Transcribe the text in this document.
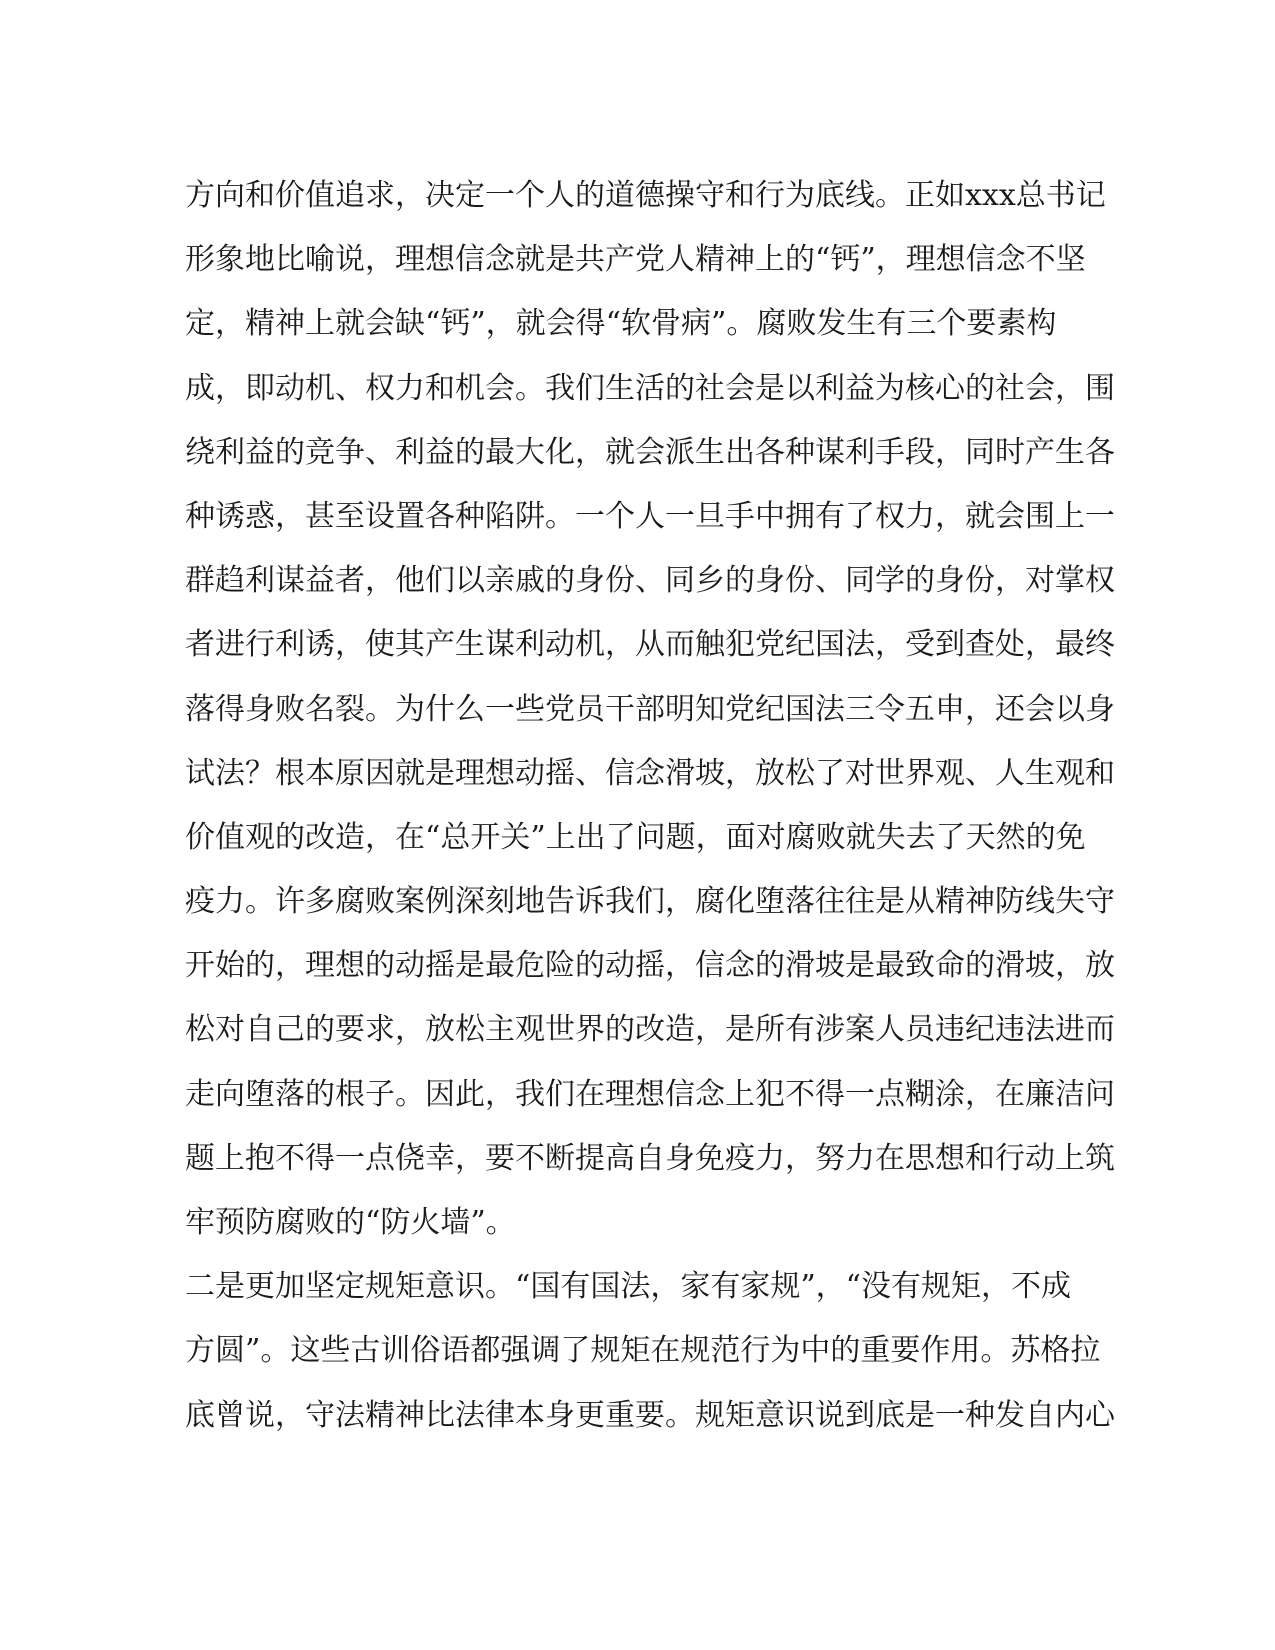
方向和价值追求，决定一个人的道德操守和行为底线。正如xxx总书记
形象地比喻说，理想信念就是共产党人精神上的“钙”，理想信念不坚
定，精神上就会缺“钙”，就会得“软骨病”。腐败发生有三个要素构
成，即动机、权力和机会。我们生活的社会是以利益为核心的社会，围
绕利益的竞争、利益的最大化，就会派生出各种谋利手段，同时产生各
种诱惑，甚至设置各种陷阱。一个人一旦手中拥有了权力，就会围上一
群趋利谋益者，他们以亲戚的身份、同乡的身份、同学的身份，对掌权
者进行利诱，使其产生谋利动机，从而触犯党纪国法，受到查处，最终
落得身败名裂。为什么一些党员干部明知党纪国法三令五申，还会以身
试法？根本原因就是理想动摇、信念滑坡，放松了对世界观、人生观和
价值观的改造，在“总开关”上出了问题，面对腐败就失去了天然的免
疫力。许多腐败案例深刻地告诉我们，腐化堕落往往是从精神防线失守
开始的，理想的动摇是最危险的动摇，信念的滑坡是最致命的滑坡，放
松对自己的要求，放松主观世界的改造，是所有涉案人员违纪违法进而
走向堕落的根子。因此，我们在理想信念上犯不得一点糊涂，在廉洁问
题上抱不得一点侥幸，要不断提高自身免疫力，努力在思想和行动上筑
牢预防腐败的“防火墙”。
二是更加坚定规矩意识。“国有国法，家有家规”，“没有规矩，不成
方圆”。这些古训俗语都强调了规矩在规范行为中的重要作用。苏格拉
底曾说，守法精神比法律本身更重要。规矩意识说到底是一种发自内心
